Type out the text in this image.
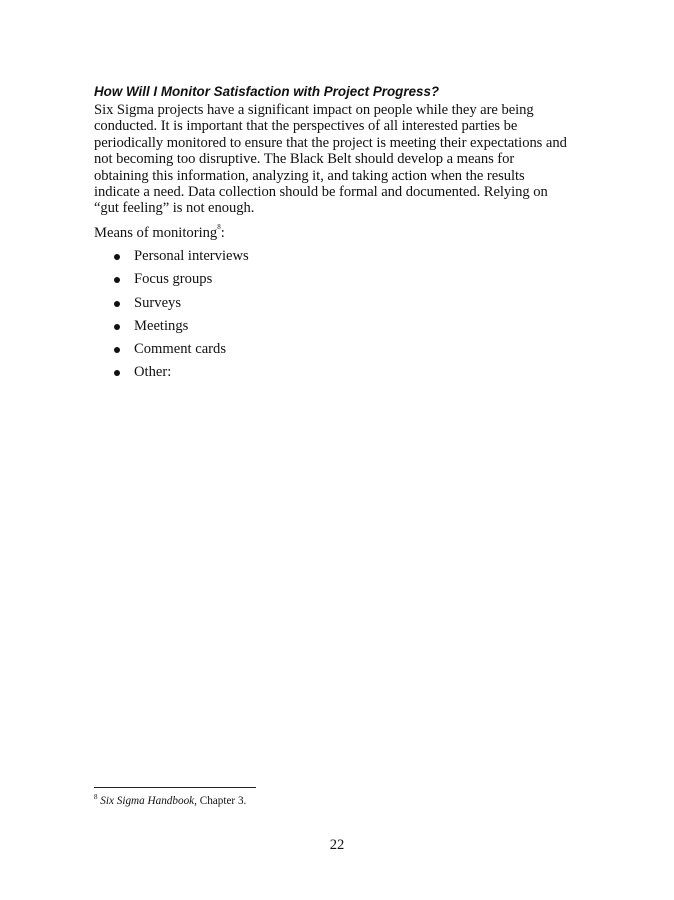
How Will I Monitor Satisfaction with Project Progress?

Six Sigma projects have a significant impact on people while they are being conducted. It is important that the perspectives of all interested parties be periodically monitored to ensure that the project is meeting their expectations and not becoming too disruptive. The Black Belt should develop a means for obtaining this information, analyzing it, and taking action when the results indicate a need. Data collection should be formal and documented. Relying on “gut feeling” is not enough.

Means of monitoring$^8$:

Personal interviews
Focus groups
Surveys
Meetings
Comment cards
Other:

$^8$ Six Sigma Handbook, Chapter 3.

22
